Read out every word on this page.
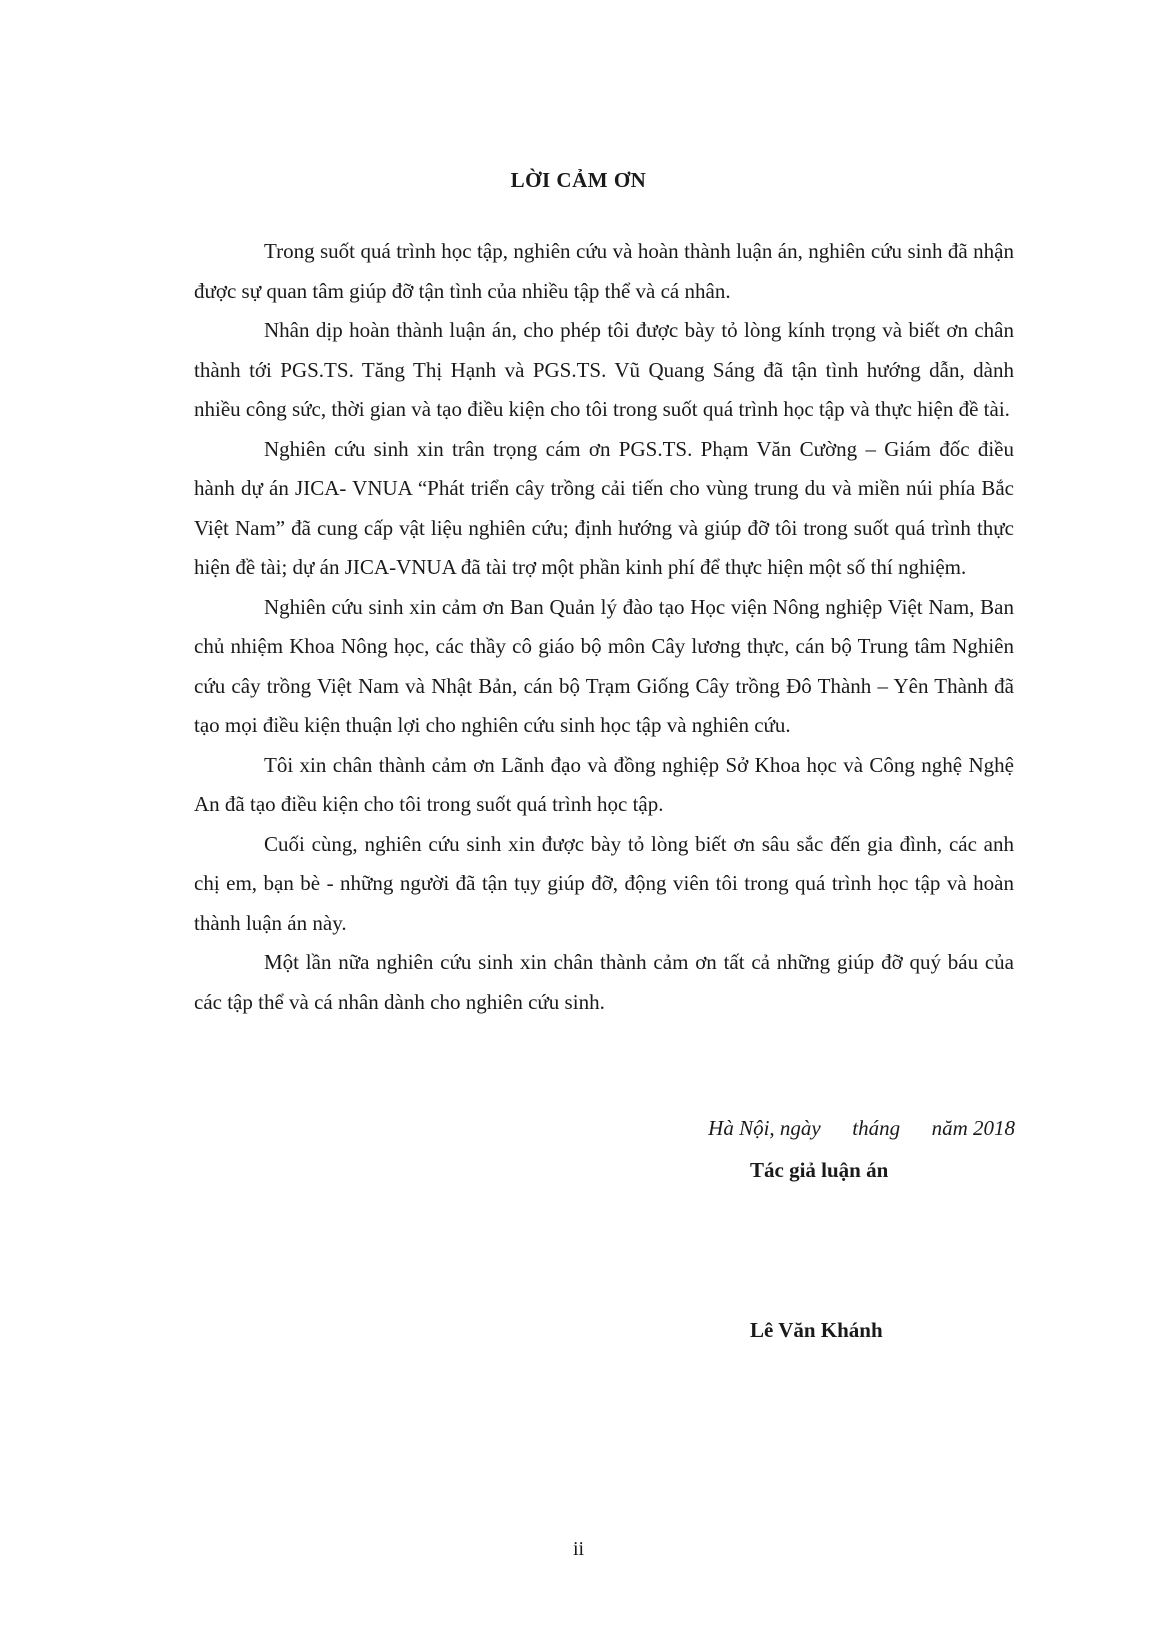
LỜI CẢM ƠN

Trong suốt quá trình học tập, nghiên cứu và hoàn thành luận án, nghiên cứu sinh đã nhận được sự quan tâm giúp đỡ tận tình của nhiều tập thể và cá nhân.

Nhân dịp hoàn thành luận án, cho phép tôi được bày tỏ lòng kính trọng và biết ơn chân thành tới PGS.TS. Tăng Thị Hạnh và PGS.TS. Vũ Quang Sáng đã tận tình hướng dẫn, dành nhiều công sức, thời gian và tạo điều kiện cho tôi trong suốt quá trình học tập và thực hiện đề tài.

Nghiên cứu sinh xin trân trọng cám ơn PGS.TS. Phạm Văn Cường – Giám đốc điều hành dự án JICA- VNUA “Phát triển cây trồng cải tiến cho vùng trung du và miền núi phía Bắc Việt Nam” đã cung cấp vật liệu nghiên cứu; định hướng và giúp đỡ tôi trong suốt quá trình thực hiện đề tài; dự án JICA-VNUA đã tài trợ một phần kinh phí để thực hiện một số thí nghiệm.

Nghiên cứu sinh xin cảm ơn Ban Quản lý đào tạo Học viện Nông nghiệp Việt Nam, Ban chủ nhiệm Khoa Nông học, các thầy cô giáo bộ môn Cây lương thực, cán bộ Trung tâm Nghiên cứu cây trồng Việt Nam và Nhật Bản, cán bộ Trạm Giống Cây trồng Đô Thành – Yên Thành đã tạo mọi điều kiện thuận lợi cho nghiên cứu sinh học tập và nghiên cứu.

Tôi xin chân thành cảm ơn Lãnh đạo và đồng nghiệp Sở Khoa học và Công nghệ Nghệ An đã tạo điều kiện cho tôi trong suốt quá trình học tập.

Cuối cùng, nghiên cứu sinh xin được bày tỏ lòng biết ơn sâu sắc đến gia đình, các anh chị em, bạn bè - những người đã tận tụy giúp đỡ, động viên tôi trong quá trình học tập và hoàn thành luận án này.

Một lần nữa nghiên cứu sinh xin chân thành cảm ơn tất cả những giúp đỡ quý báu của các tập thể và cá nhân dành cho nghiên cứu sinh.

Hà Nội, ngày      tháng      năm 2018
Tác giả luận án
Lê Văn Khánh
ii
